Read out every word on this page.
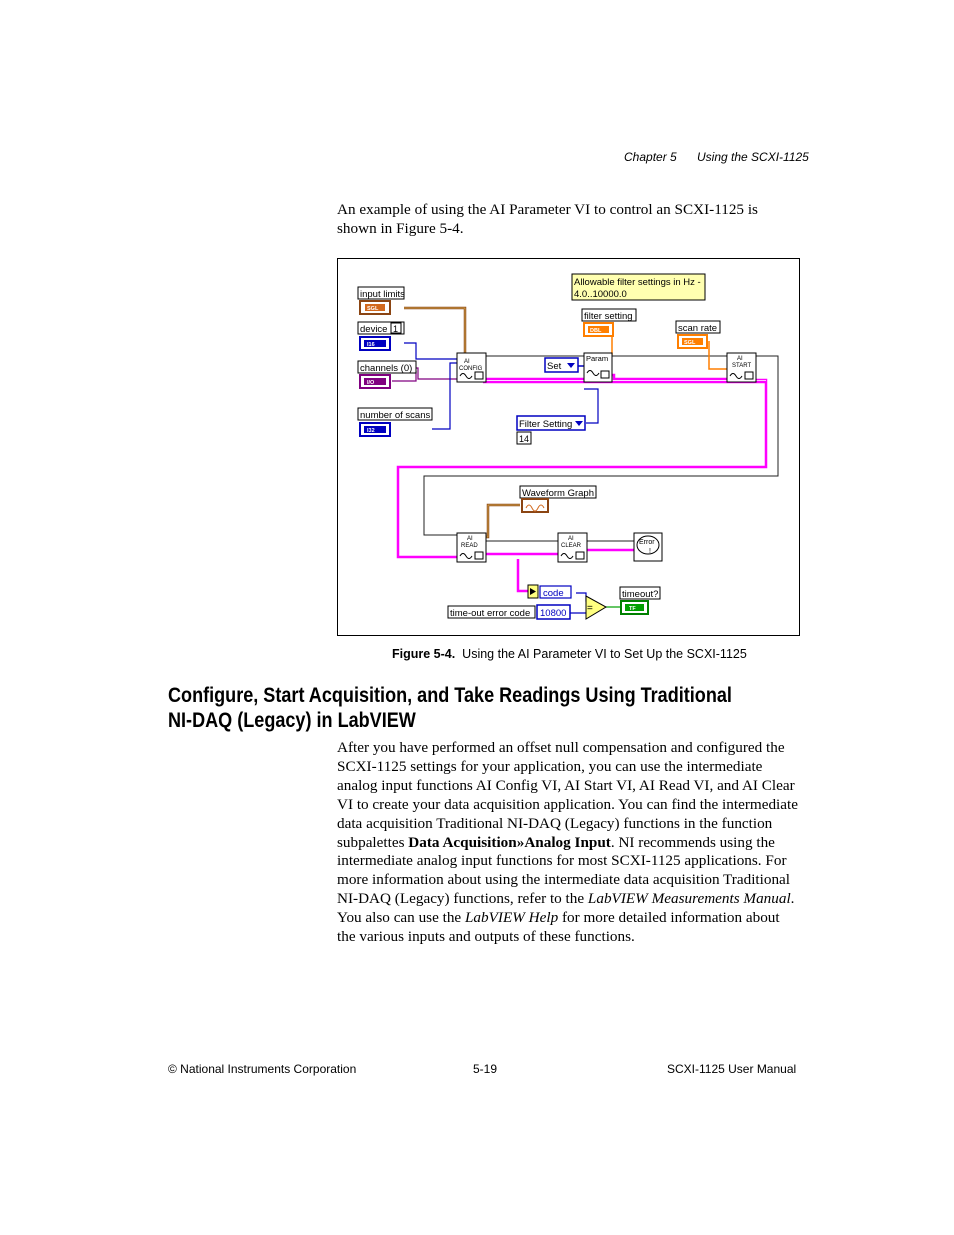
Chapter 5 Using the SCXI-1125

An example of using the AI Parameter VI to control an SCXI-1125 is shown in Figure 5-4.

input limits
SGL
device 1
I16
channels (0)
I/O
number of scans
I32
Allowable filter settings in Hz -
4.0..10000.0
filter setting
DBL	scan rate
SGL
Set
Filter Setting
14
AI
CONFIG
Param	AI
START
Waveform Graph
AI
READ
AI
CLEAR	Error
!
code
time-out error code 10800 =
timeout?
TF
Figure 5-4. Using the AI Parameter VI to Set Up the SCXI-1125
Configure, Start Acquisition, and Take Readings Using Traditional
NI-DAQ (Legacy) in LabVIEW

After you have performed an offset null compensation and configured the SCXI-1125 settings for your application, you can use the intermediate analog input functions AI Config VI, AI Start VI, AI Read VI, and AI Clear VI to create your data acquisition application. You can find the intermediate data acquisition Traditional NI-DAQ (Legacy) functions in the function subpalettes Data Acquisition»Analog Input. NI recommends using the intermediate analog input functions for most SCXI-1125 applications. For more information about using the intermediate data acquisition Traditional NI-DAQ (Legacy) functions, refer to the LabVIEW Measurements Manual. You also can use the LabVIEW Help for more detailed information about the various inputs and outputs of these functions.

© National Instruments Corporation	5-19	SCXI-1125 User Manual
